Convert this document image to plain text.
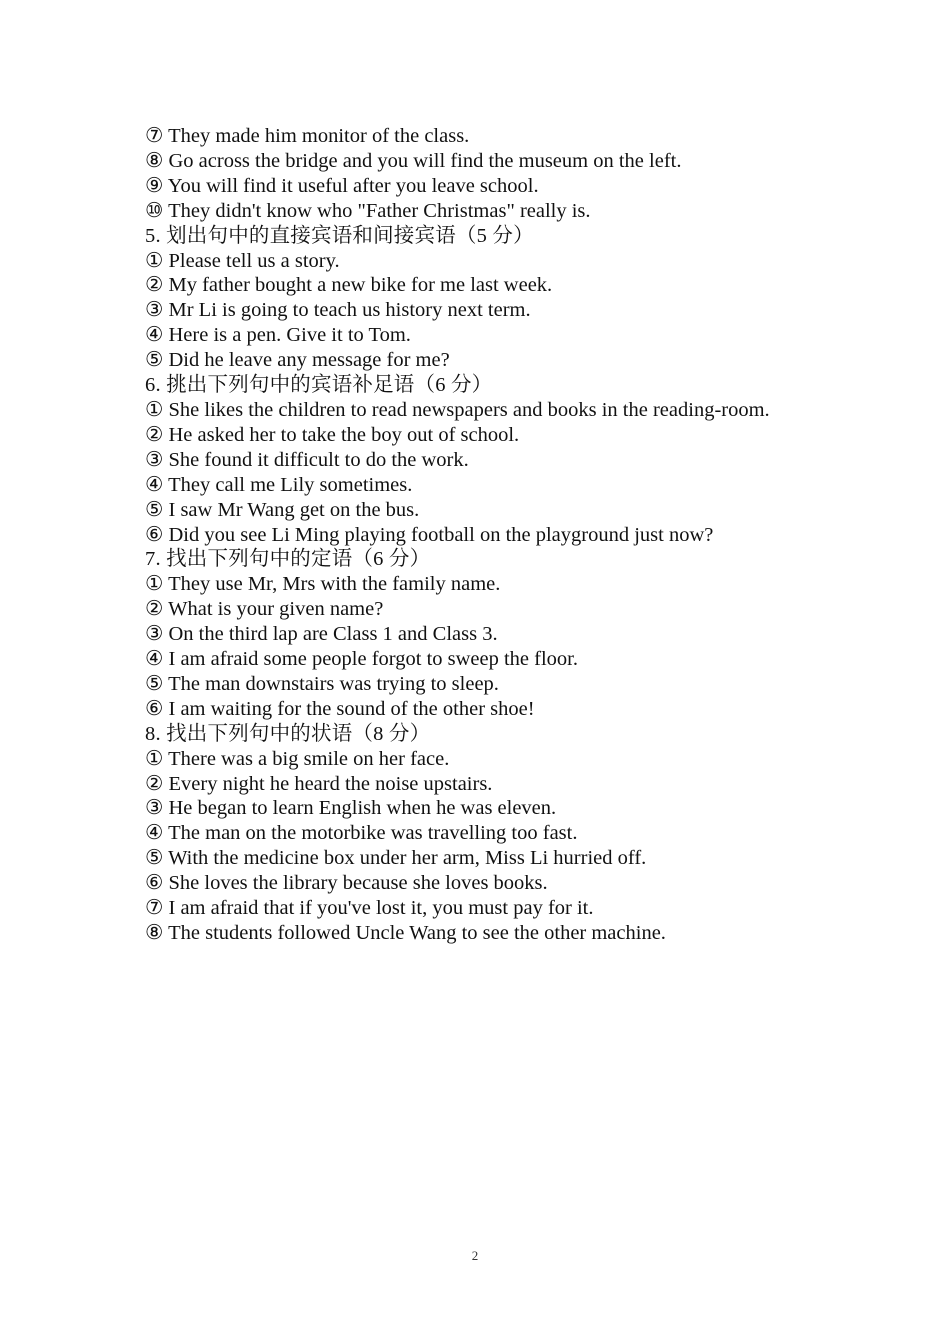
⑦ They made him monitor of the class.

⑧ Go across the bridge and you will find the museum on the left.

⑨ You will find it useful after you leave school.

⑩ They didn't know who "Father Christmas" really is.

5. 划出句中的直接宾语和间接宾语（5 分）

① Please tell us a story.

② My father bought a new bike for me last week.

③ Mr Li is going to teach us history next term.

④ Here is a pen. Give it to Tom.

⑤ Did he leave any message for me?

6. 挑出下列句中的宾语补足语（6 分）

① She likes the children to read newspapers and books in the reading-room.

② He asked her to take the boy out of school.

③ She found it difficult to do the work.

④ They call me Lily sometimes.

⑤ I saw Mr Wang get on the bus.

⑥ Did you see Li Ming playing football on the playground just now?

7. 找出下列句中的定语（6 分）

① They use Mr, Mrs with the family name.

② What is your given name?

③ On the third lap are Class 1 and Class 3.

④ I am afraid some people forgot to sweep the floor.

⑤ The man downstairs was trying to sleep.

⑥ I am waiting for the sound of the other shoe!

8. 找出下列句中的状语（8 分）

① There was a big smile on her face.

② Every night he heard the noise upstairs.

③ He began to learn English when he was eleven.

④ The man on the motorbike was travelling too fast.

⑤ With the medicine box under her arm, Miss Li hurried off.

⑥ She loves the library because she loves books.

⑦ I am afraid that if you've lost it, you must pay for it.

⑧ The students followed Uncle Wang to see the other machine.

2
